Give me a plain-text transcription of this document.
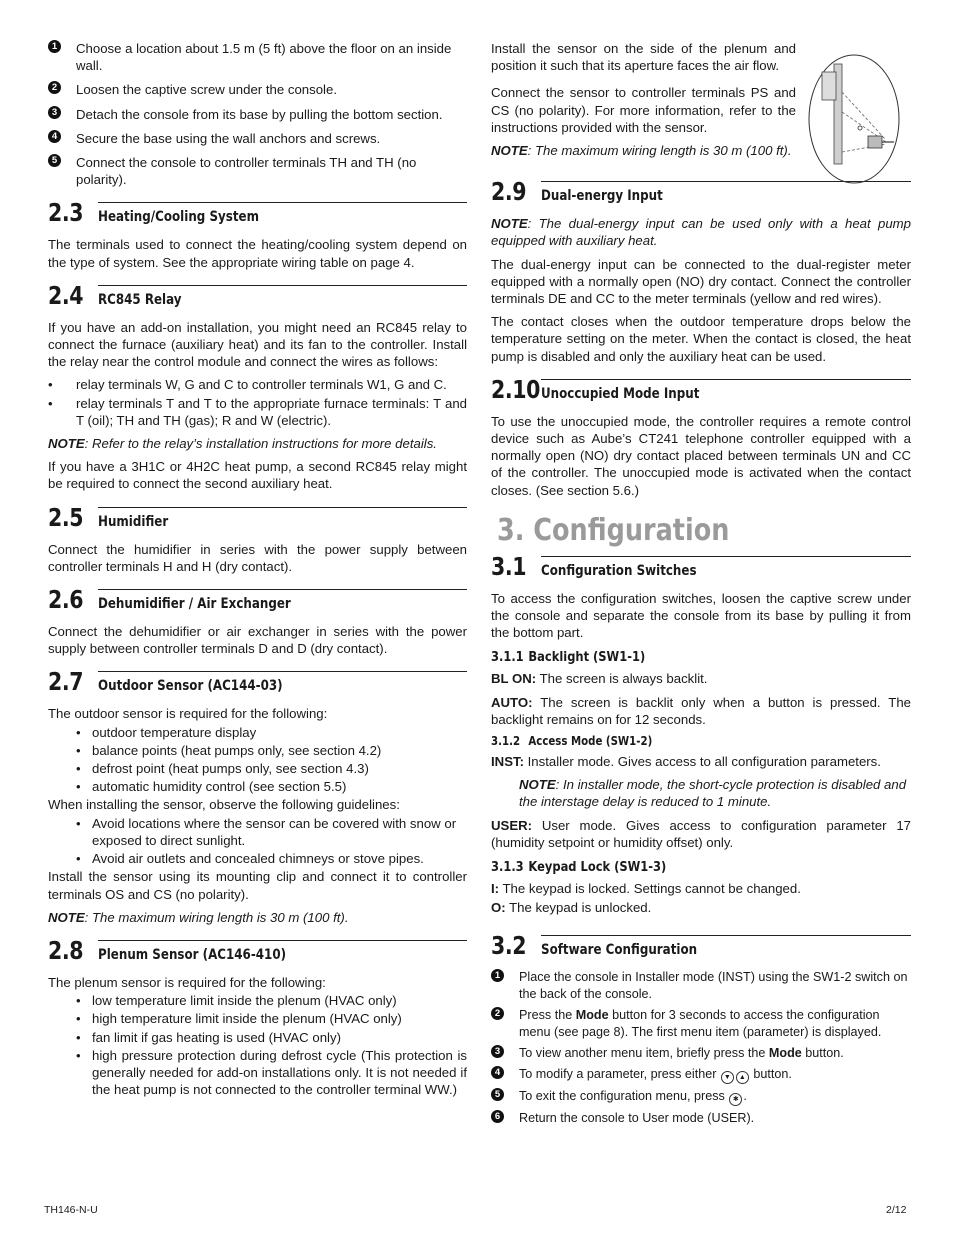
1 Choose a location about 1.5 m (5 ft) above the floor on an inside wall.
2 Loosen the captive screw under the console.
3 Detach the console from its base by pulling the bottom section.
4 Secure the base using the wall anchors and screws.
5 Connect the console to controller terminals TH and TH (no polarity).
2.3 Heating/Cooling System

The terminals used to connect the heating/cooling system depend on the type of system. See the appropriate wiring table on page 4.

2.4 RC845 Relay

If you have an add-on installation, you might need an RC845 relay to connect the furnace (auxiliary heat) and its fan to the controller. Install the relay near the control module and connect the wires as follows:

• relay terminals W, G and C to controller terminals W1, G and C.
• relay terminals T and T to the appropriate furnace terminals: T and T (oil); TH and TH (gas); R and W (electric).

NOTE: Refer to the relay’s installation instructions for more details.

If you have a 3H1C or 4H2C heat pump, a second RC845 relay might be required to connect the second auxiliary heat.

2.5 Humidifier

Connect the humidifier in series with the power supply between controller terminals H and H (dry contact).

2.6 Dehumidifier / Air Exchanger

Connect the dehumidifier or air exchanger in series with the power supply between controller terminals D and D (dry contact).

2.7 Outdoor Sensor (AC144-03)

The outdoor sensor is required for the following:

• outdoor temperature display
• balance points (heat pumps only, see section 4.2)
• defrost point (heat pumps only, see section 4.3)
• automatic humidity control (see section 5.5)

When installing the sensor, observe the following guidelines:

• Avoid locations where the sensor can be covered with snow or exposed to direct sunlight.
• Avoid air outlets and concealed chimneys or stove pipes.

Install the sensor using its mounting clip and connect it to controller terminals OS and CS (no polarity).

NOTE: The maximum wiring length is 30 m (100 ft).

2.8 Plenum Sensor (AC146-410)

The plenum sensor is required for the following:

• low temperature limit inside the plenum (HVAC only)
• high temperature limit inside the plenum (HVAC only)
• fan limit if gas heating is used (HVAC only)
• high pressure protection during defrost cycle (This protection is generally needed for add-on installations only. It is not needed if the heat pump is not connected to the controller terminal WW.)

Install the sensor on the side of the plenum and position it such that its aperture faces the air flow.

Connect the sensor to controller terminals PS and CS (no polarity). For more information, refer to the instructions provided with the sensor.

NOTE: The maximum wiring length is 30 m (100 ft).

2.9 Dual-energy Input

NOTE: The dual-energy input can be used only with a heat pump equipped with auxiliary heat.

The dual-energy input can be connected to the dual-register meter equipped with a normally open (NO) dry contact. Connect the controller terminals DE and CC to the meter terminals (yellow and red wires).

The contact closes when the outdoor temperature drops below the temperature setting on the meter. When the contact is closed, the heat pump is disabled and only the auxiliary heat can be used.

2.10 Unoccupied Mode Input

To use the unoccupied mode, the controller requires a remote control device such as Aube’s CT241 telephone controller equipped with a normally open (NO) dry contact placed between terminals UN and CC of the controller. The unoccupied mode is activated when the contact closes. (See section 5.6.)

3. Configuration
3.1 Configuration Switches

To access the configuration switches, loosen the captive screw under the console and separate the console from its base by pulling it from the bottom part.

3.1.1 Backlight (SW1-1)

BL ON: The screen is always backlit.

AUTO: The screen is backlit only when a button is pressed. The backlight remains on for 12 seconds.

3.1.2 Access Mode (SW1-2)

INST: Installer mode. Gives access to all configuration parameters.

NOTE: In installer mode, the short-cycle protection is disabled and the interstage delay is reduced to 1 minute.

USER: User mode. Gives access to configuration parameter 17 (humidity setpoint or humidity offset) only.

3.1.3 Keypad Lock (SW1-3)

I: The keypad is locked. Settings cannot be changed.

O: The keypad is unlocked.

3.2 Software Configuration
1	Place the console in Installer mode (INST) using the SW1-2 switch on the back of the console.
2	Press the Mode button for 3 seconds to access the configuration menu (see page 8). The first menu item (parameter) is displayed.
3	To view another menu item, briefly press the Mode button.
4	To modify a parameter, press either ▼ ▲ button.
5	To exit the configuration menu, press ✱ .
6	Return the console to User mode (USER).
TH146-N-U	2/12
